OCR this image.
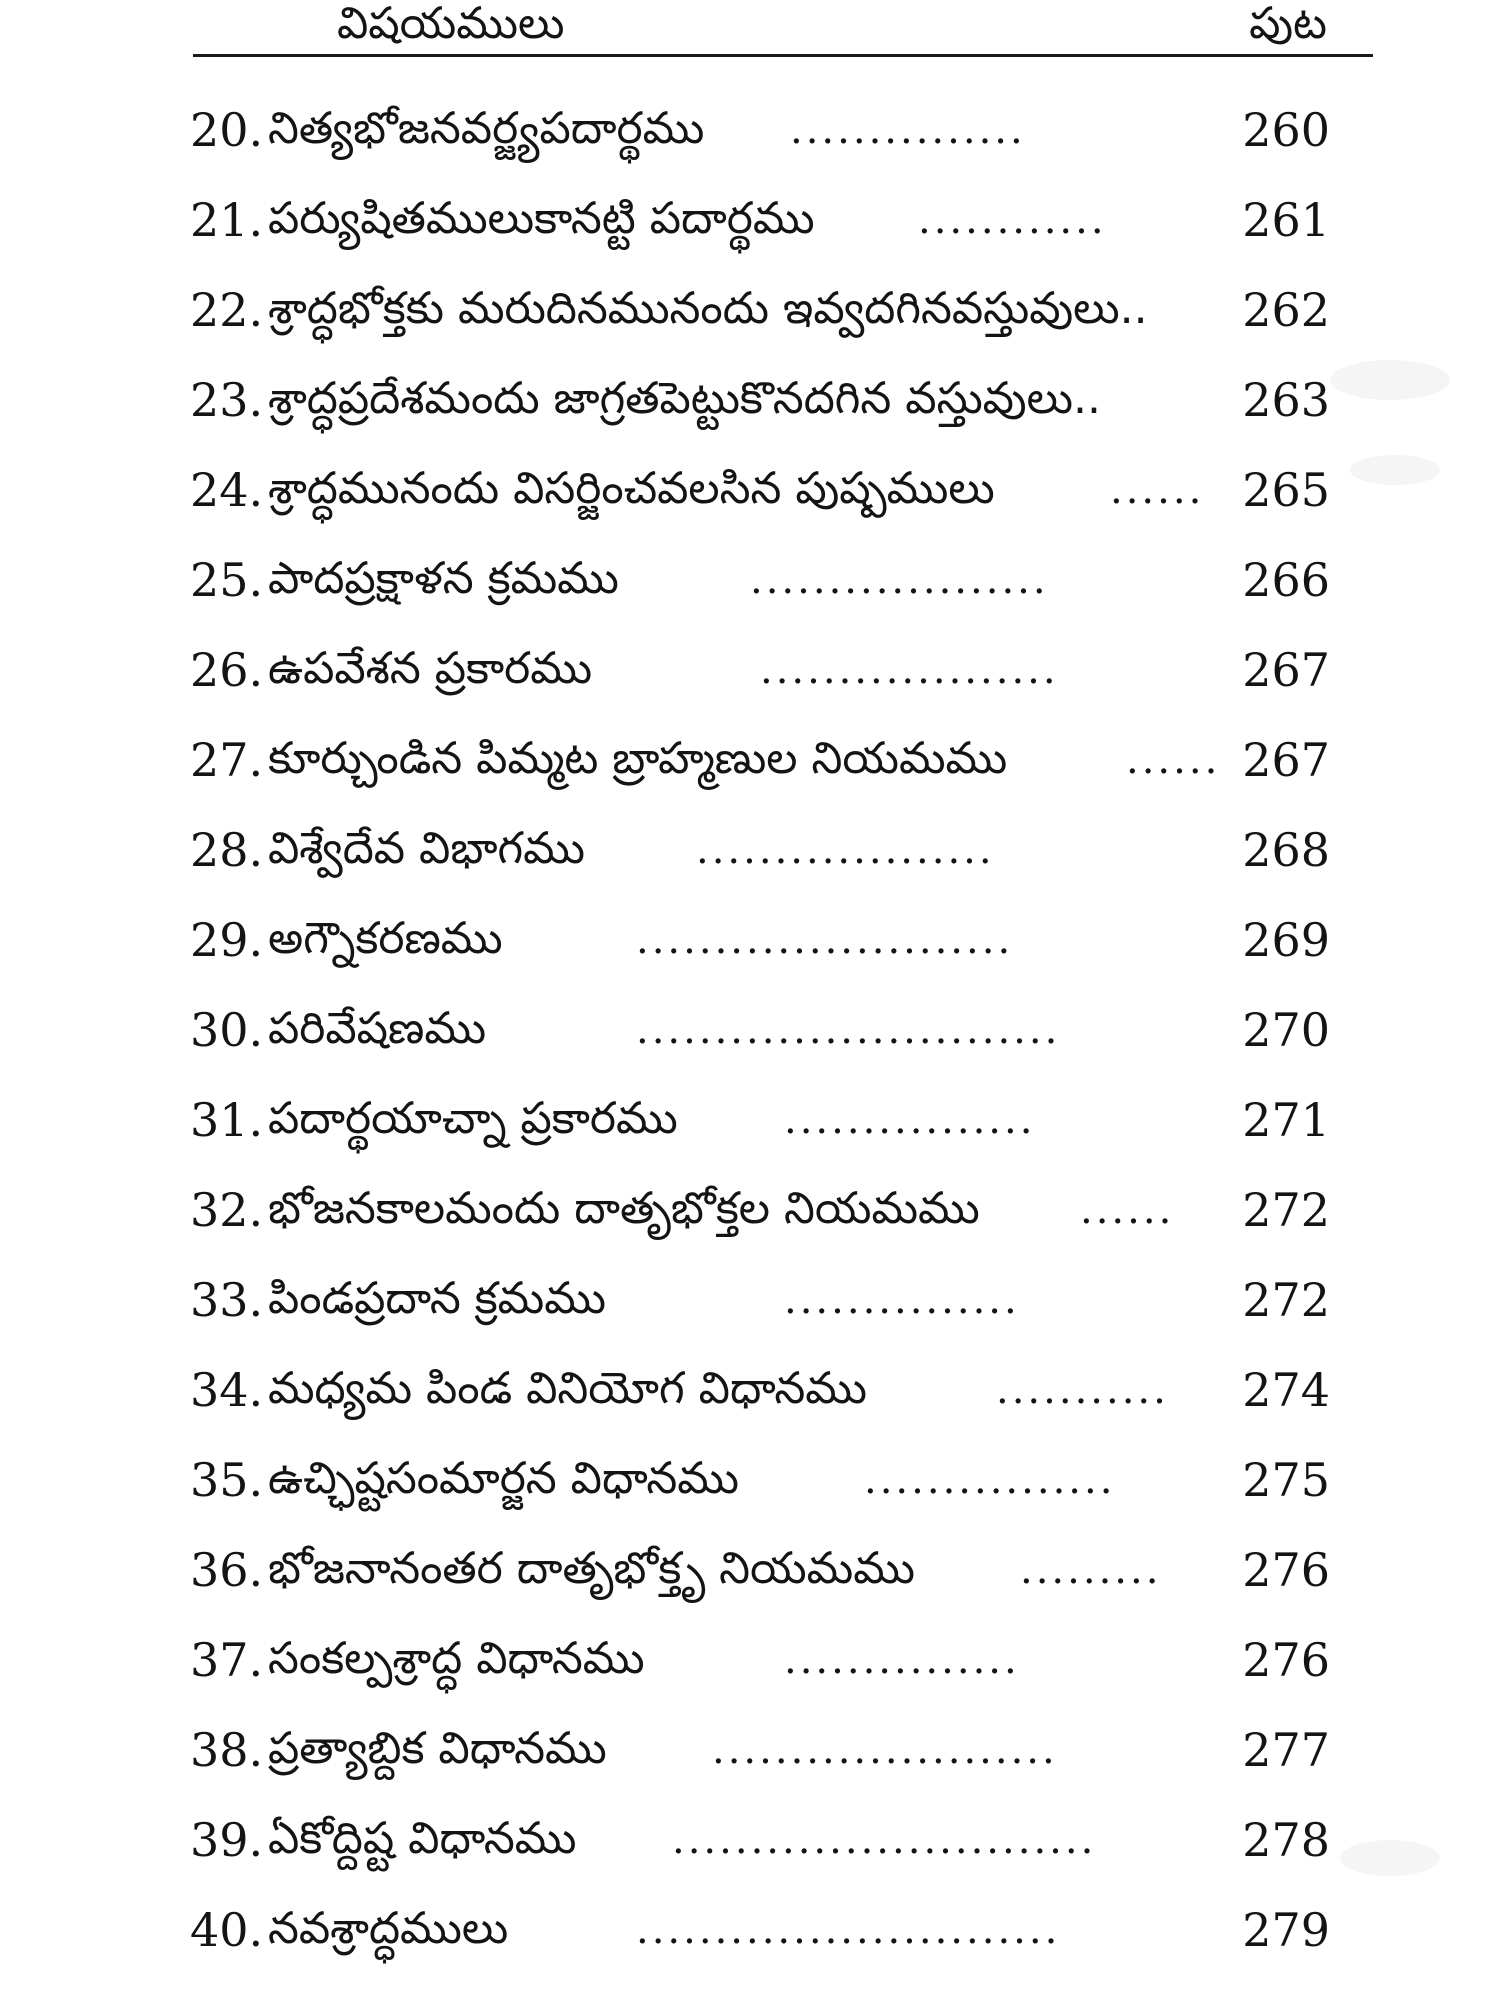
విషయములు	పుట
20. నిత్యభోజనవర్జ్యపదార్థము ...............	260
21. పర్యుషితములుకానట్టి పదార్థము	............	261
22. శ్రాద్ధభోక్తకు మరుదినమునందు ఇవ్వదగినవస్తువులు.. 262
23. శ్రాద్ధప్రదేశమందు జాగ్రతపెట్టుకొనదగిన వస్తువులు..	263
24. శ్రాద్ధమునందు విసర్జించవలసిన పుష్పములు	...... 265
25. పాదప్రక్షాళన క్రమము	...................	266
26. ఉపవేశన ప్రకారము	...................	267
27. కూర్చుండిన పిమ్మట బ్రాహ్మణుల నియమము	...... 267
28. విశ్వేదేవ విభాగము	...................	268
29. అగ్నౌకరణము	........................	269
30. పరివేషణము	...........................	270
31. పదార్థయాచ్నా ప్రకారము	................	271
32. భోజనకాలమందు దాతృభోక్తల నియమము	...... 272
33. పిండప్రదాన క్రమము	...............	272
34. మధ్యమ పిండ వినియోగ విధానము	........... 274
35. ఉచ్ఛిష్టసంమార్జన విధానము	................	275
36. భోజనానంతర దాతృభోక్తృ నియమము	......... 276
37. సంకల్పశ్రాద్ధ విధానము	...............	276
38. ప్రత్యాబ్దిక విధానము	......................	277
39. ఏకోద్దిష్ట విధానము ...........................	278
40. నవశ్రాద్ధములు	...........................	279
